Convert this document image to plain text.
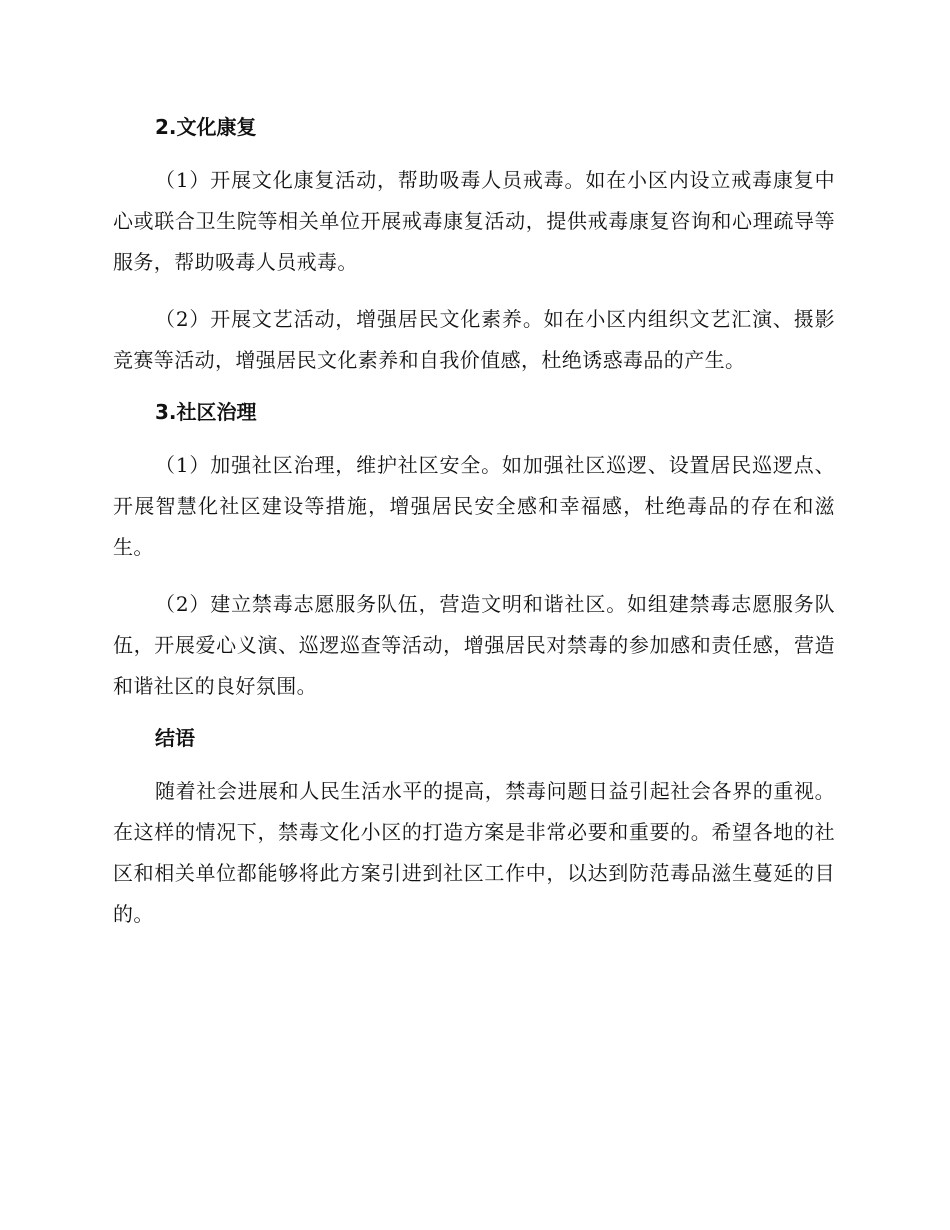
2.文化康复

（1）开展文化康复活动，帮助吸毒人员戒毒。如在小区内设立戒毒康复中心或联合卫生院等相关单位开展戒毒康复活动，提供戒毒康复咨询和心理疏导等服务，帮助吸毒人员戒毒。

（2）开展文艺活动，增强居民文化素养。如在小区内组织文艺汇演、摄影竞赛等活动，增强居民文化素养和自我价值感，杜绝诱惑毒品的产生。

3.社区治理

（1）加强社区治理，维护社区安全。如加强社区巡逻、设置居民巡逻点、开展智慧化社区建设等措施，增强居民安全感和幸福感，杜绝毒品的存在和滋生。

（2）建立禁毒志愿服务队伍，营造文明和谐社区。如组建禁毒志愿服务队伍，开展爱心义演、巡逻巡查等活动，增强居民对禁毒的参加感和责任感，营造和谐社区的良好氛围。

结语

随着社会进展和人民生活水平的提高，禁毒问题日益引起社会各界的重视。在这样的情况下，禁毒文化小区的打造方案是非常必要和重要的。希望各地的社区和相关单位都能够将此方案引进到社区工作中，以达到防范毒品滋生蔓延的目的。
